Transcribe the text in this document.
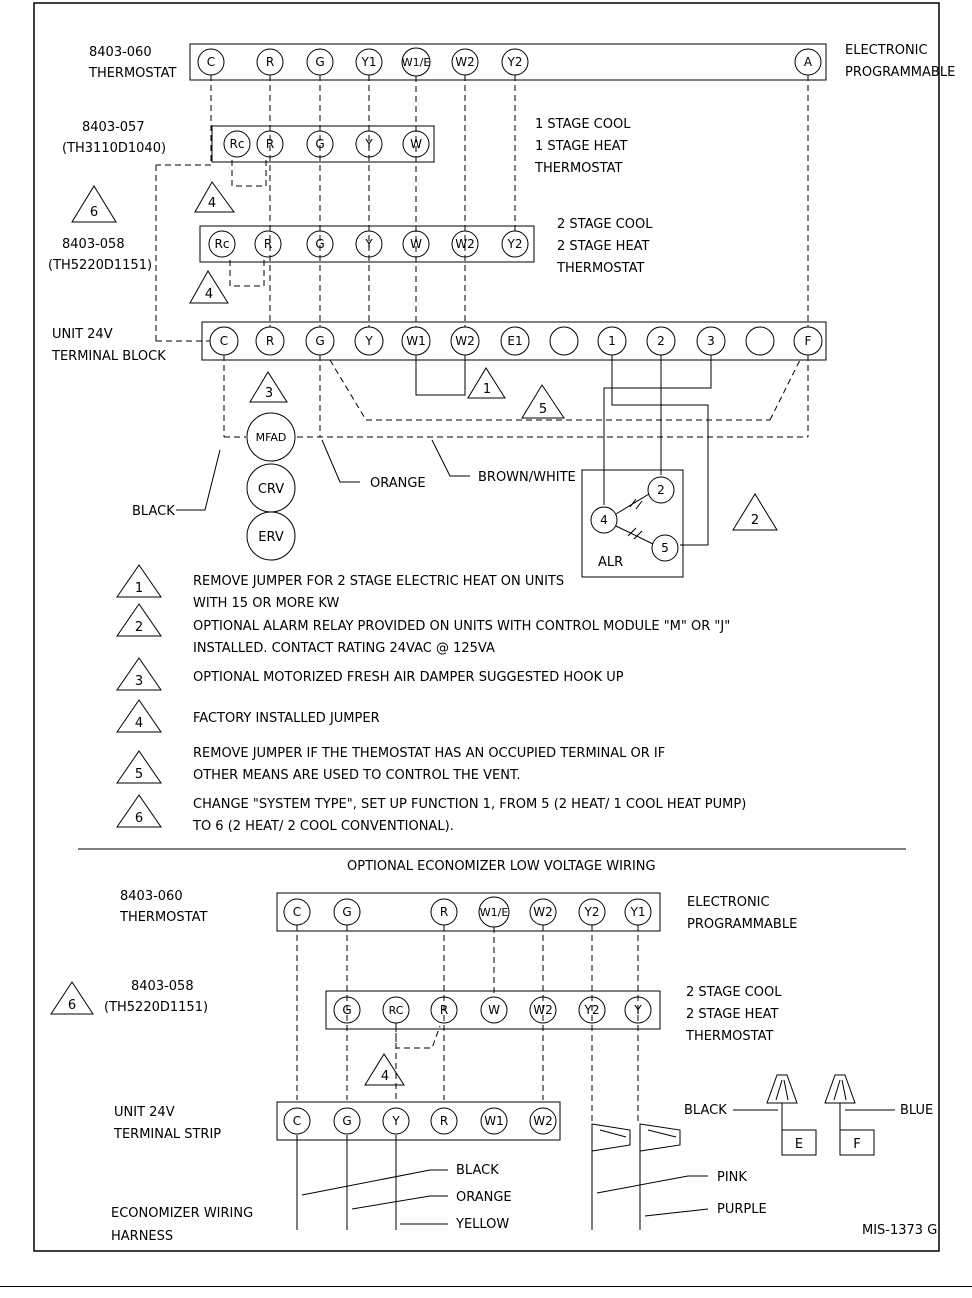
8403-060
THERMOSTAT
C	R	G	Y1 W1/E W2	Y2	A
ELECTRONIC
PROGRAMMABLE
8403-057
(TH3110D1040)	Rc R	G	Y	W
1 STAGE COOL
1 STAGE HEAT
THERMOSTAT
4
6
8403-058
(TH5220D1151)
Rc	R	G	Y	W	W2	Y2
2 STAGE COOL
2 STAGE HEAT
THERMOSTAT
4
UNIT 24V
TERMINAL BLOCK
C	R	G	Y	W1 W2	E1	1	2	3	F
1
3
5
MFAD
CRV
ERV
BLACK
ORANGE	BROWN/WHITE
2
4
5
ALR
2
1	REMOVE JUMPER FOR 2 STAGE ELECTRIC HEAT ON UNITS
WITH 15 OR MORE KW
2	OPTIONAL ALARM RELAY PROVIDED ON UNITS WITH CONTROL MODULE "M" OR "J"
INSTALLED. CONTACT RATING 24VAC @ 125VA
3	OPTIONAL MOTORIZED FRESH AIR DAMPER SUGGESTED HOOK UP
4	FACTORY INSTALLED JUMPER
5
REMOVE JUMPER IF THE THEMOSTAT HAS AN OCCUPIED TERMINAL OR IF
OTHER MEANS ARE USED TO CONTROL THE VENT.
6
CHANGE "SYSTEM TYPE", SET UP FUNCTION 1, FROM 5 (2 HEAT/ 1 COOL HEAT PUMP)
TO 6 (2 HEAT/ 2 COOL CONVENTIONAL).
OPTIONAL ECONOMIZER LOW VOLTAGE WIRING
8403-060
THERMOSTAT	C	G	R	W1/E W2	Y2	Y1
ELECTRONIC
PROGRAMMABLE
6
8403-058
(TH5220D1151)	G	RC	R	W	W2	Y2	Y
2 STAGE COOL
2 STAGE HEAT
THERMOSTAT
4
UNIT 24V
TERMINAL STRIP
C	G	Y	R	W1 W2
BLACK
ORANGE
YELLOW
PINK
PURPLE
ECONOMIZER WIRING
HARNESS
BLACK
E	F
BLUE
MIS-1373 G
